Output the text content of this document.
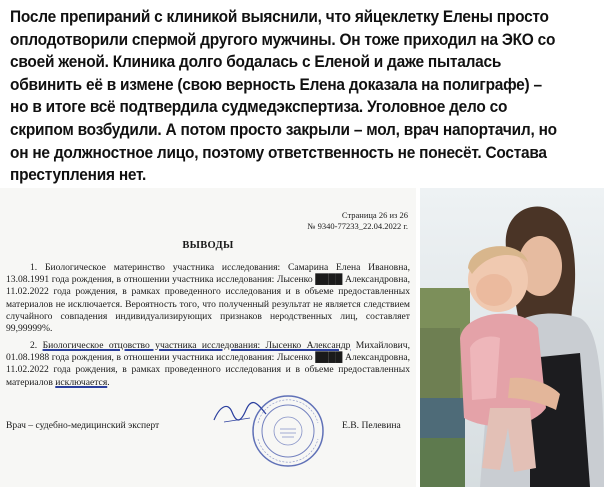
После препираний с клиникой выяснили, что яйцеклетку Елены просто оплодотворили спермой другого мужчины. Он тоже приходил на ЭКО со своей женой. Клиника долго бодалась с Еленой и даже пыталась обвинить её в измене (свою верность Елена доказала на полиграфе) – но в итоге всё подтвердила судмедэкспертиза. Уголовное дело со скрипом возбудили. А потом просто закрыли – мол, врач напортачил, но он не должностное лицо, поэтому ответственность не понесёт. Состава преступления нет.
Страница 26 из 26
№ 9340-77233_22.04.2022 г.
ВЫВОДЫ
1. Биологическое материнство участника исследования: Самарина Елена Ивановна, 13.08.1991 года рождения, в отношении участника исследования: Лысенко ████ Александровна, 11.02.2022 года рождения, в рамках проведенного исследования и в объеме предоставленных материалов не исключается. Вероятность того, что полученный результат не является следствием случайного совпадения индивидуализирующих признаков неродственных лиц, составляет 99,99999%.
2. Биологическое отцовство участника исследования: Лысенко Александр Михайлович, 01.08.1988 года рождения, в отношении участника исследования: Лысенко ████ Александровна, 11.02.2022 года рождения, в рамках проведенного исследования и в объеме предоставленных материалов исключается.
Врач – судебно-медицинский эксперт	Е.В. Пелевина
